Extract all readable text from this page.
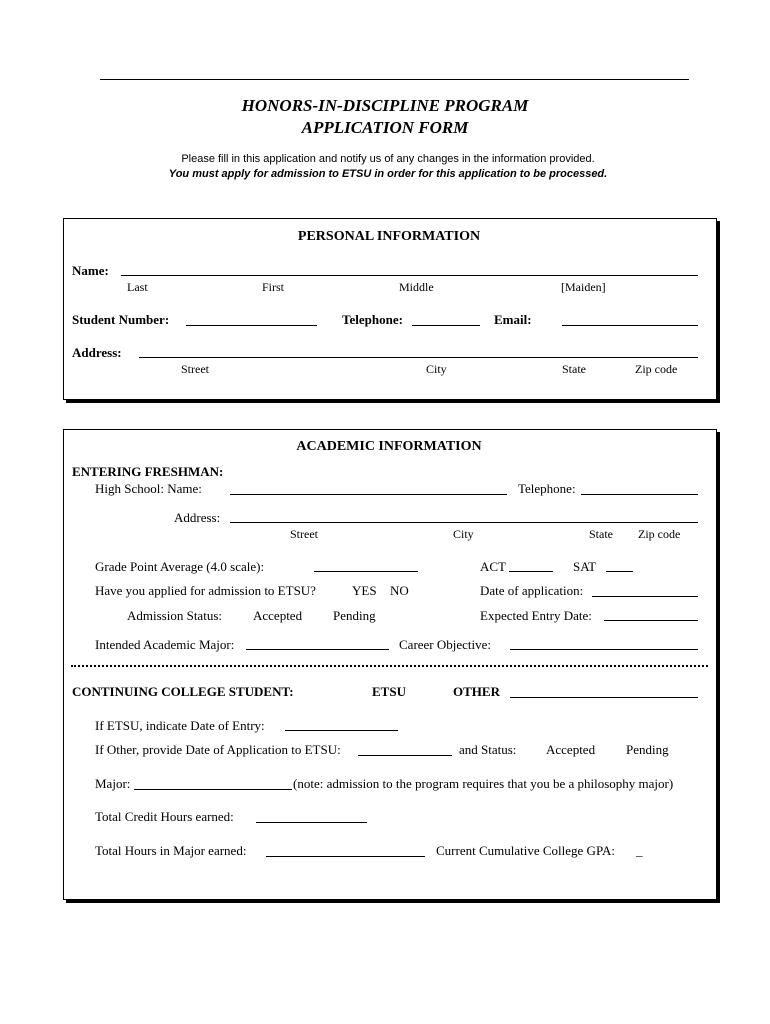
HONORS-IN-DISCIPLINE PROGRAM
APPLICATION FORM
Please fill in this application and notify us of any changes in the information provided.
You must apply for admission to ETSU in order for this application to be processed.
PERSONAL INFORMATION
Name:
Last	First	Middle	[Maiden]
Student Number:	Telephone:	Email:
Address:
Street	City	State	Zip code
ACADEMIC INFORMATION
ENTERING FRESHMAN:
High School: Name:	Telephone:
Address:
Street	City	State Zip code
Grade Point Average (4.0 scale):	ACT	SAT
Have you applied for admission to ETSU?	YES NO	Date of application:
Admission Status: Accepted Pending	Expected Entry Date:
Intended Academic Major:	Career Objective:
CONTINUING COLLEGE STUDENT:	ETSU	OTHER
If ETSU, indicate Date of Entry:
If Other, provide Date of Application to ETSU:	and Status: Accepted Pending
Major:	(note: admission to the program requires that you be a philosophy major)
Total Credit Hours earned:
Total Hours in Major earned:	Current Cumulative College GPA: _
